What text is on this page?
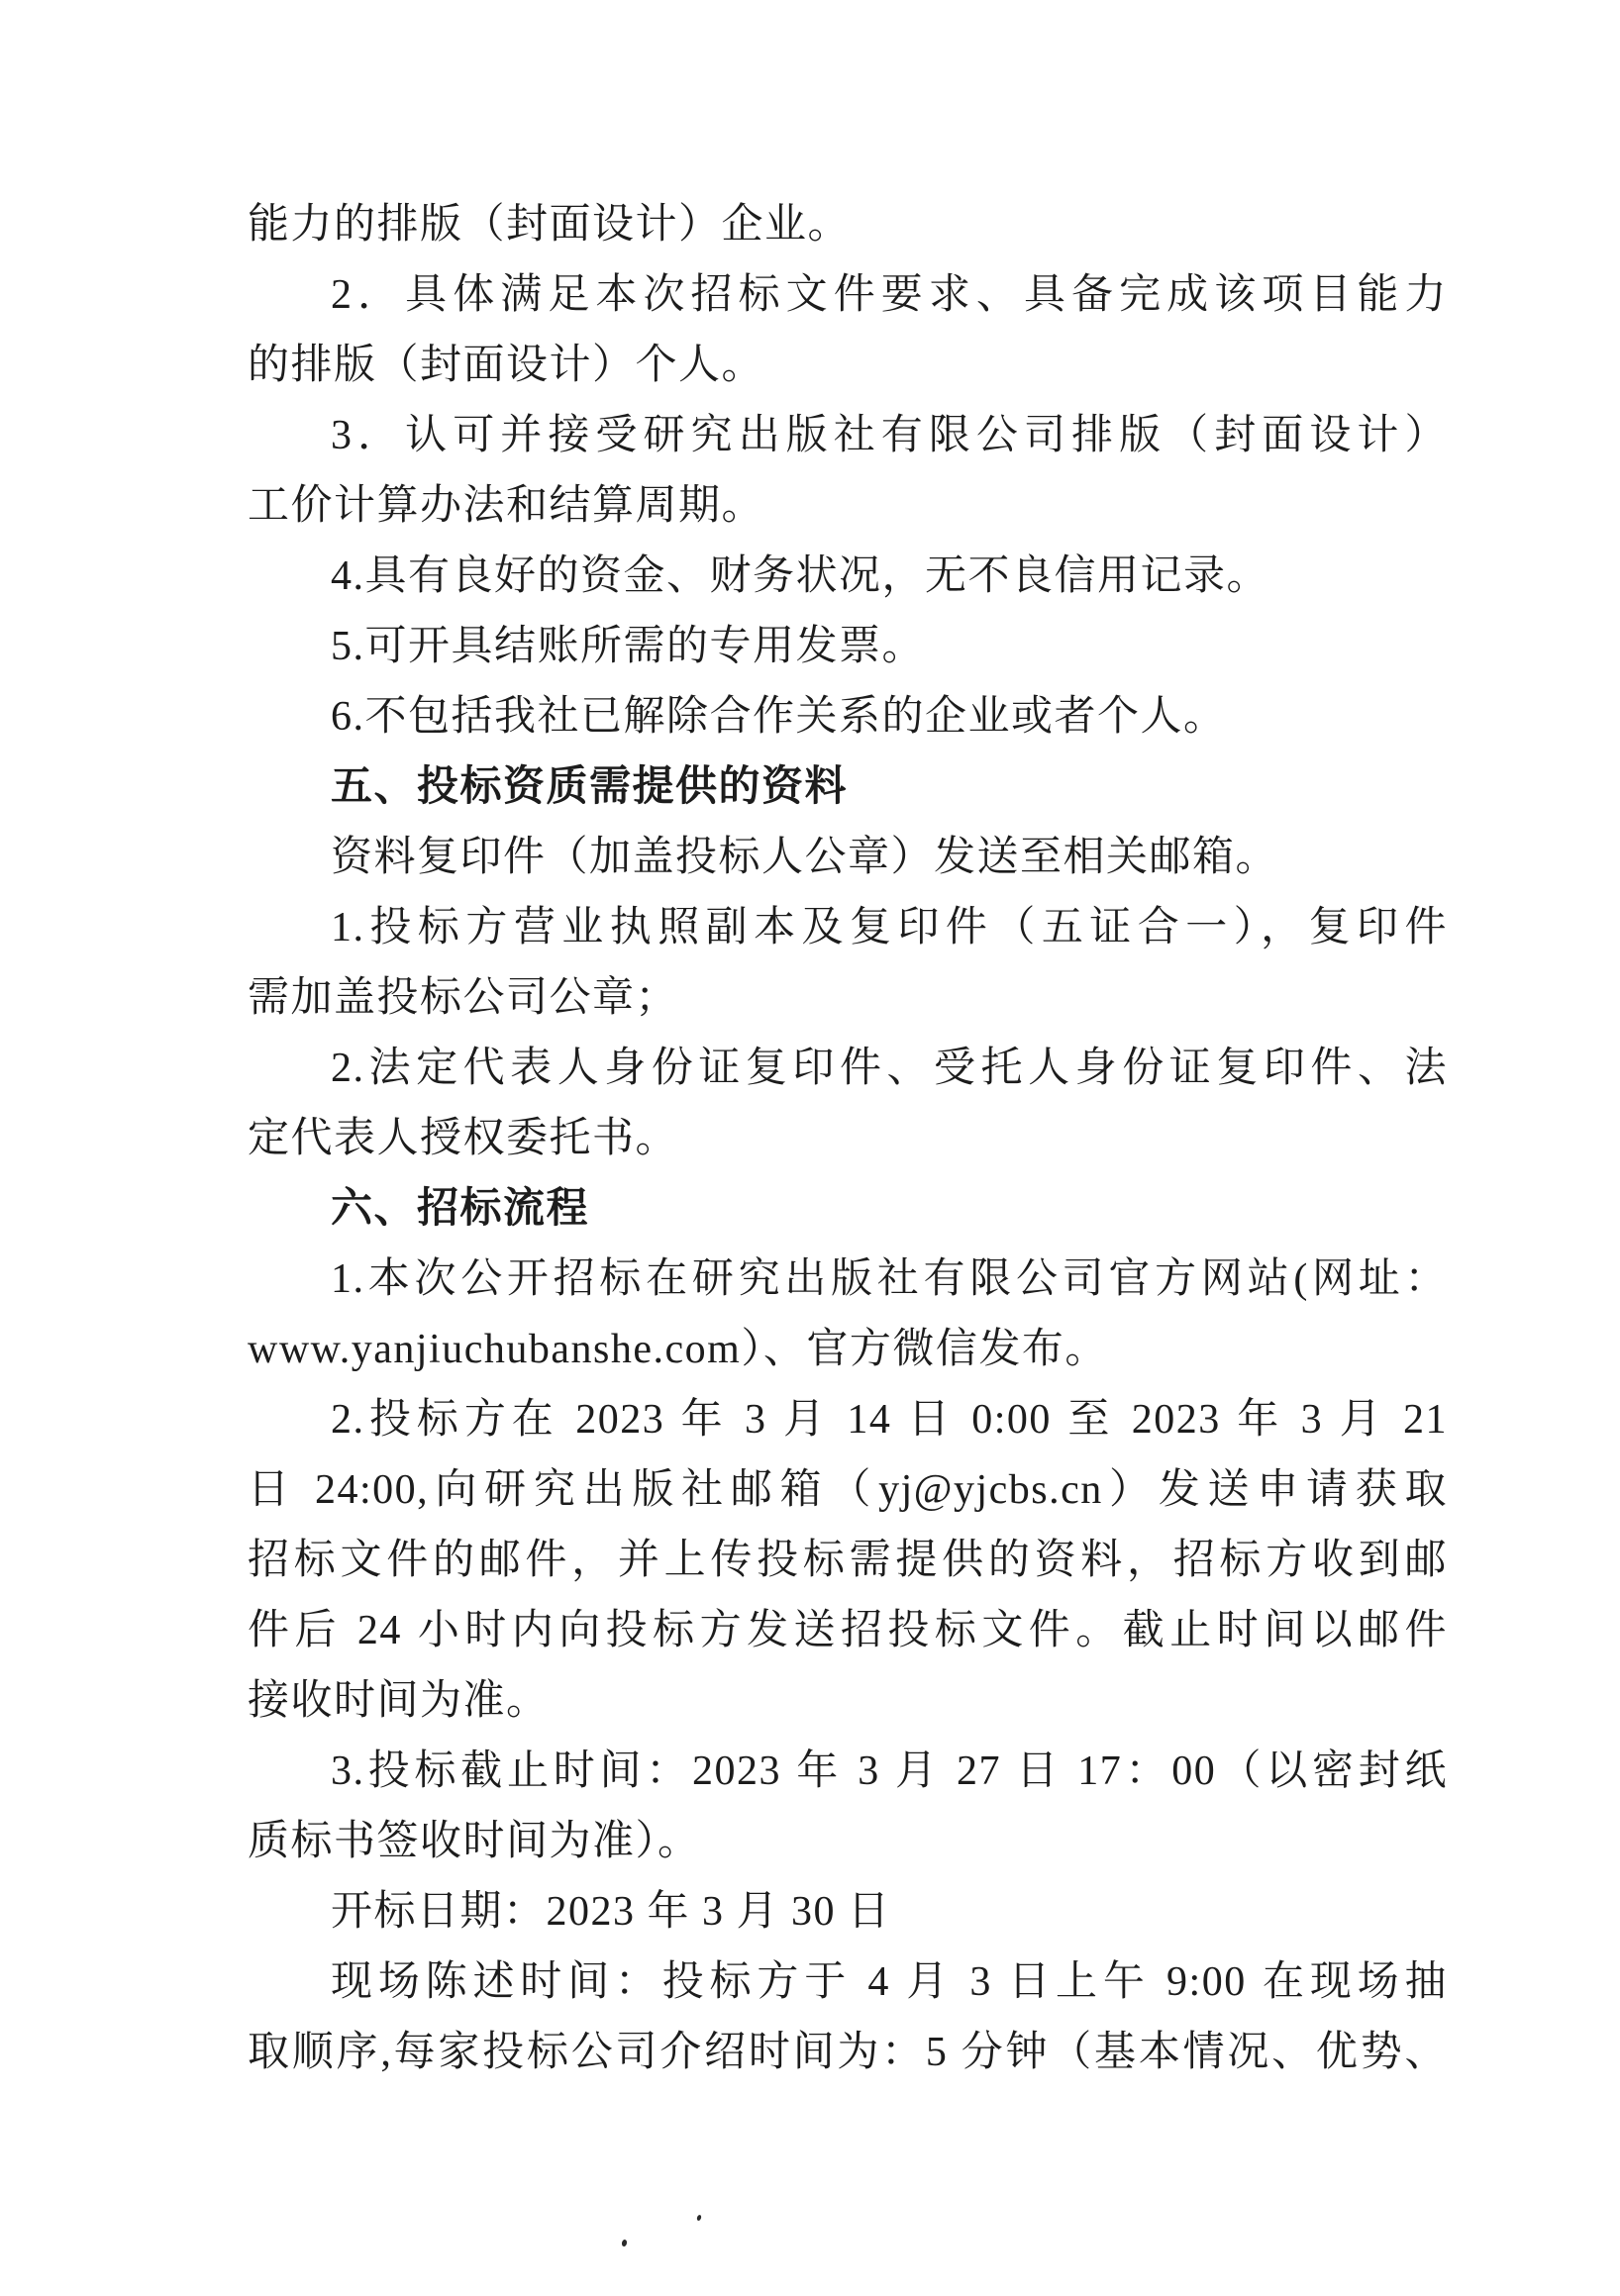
能力的排版（封面设计）企业。
2．具体满足本次招标文件要求、具备完成该项目能力
的排版（封面设计）个人。
3．认可并接受研究出版社有限公司排版（封面设计）
工价计算办法和结算周期。
4.具有良好的资金、财务状况，无不良信用记录。
5.可开具结账所需的专用发票。
6.不包括我社已解除合作关系的企业或者个人。
五、投标资质需提供的资料
资料复印件（加盖投标人公章）发送至相关邮箱。
1.投标方营业执照副本及复印件（五证合一），复印件
需加盖投标公司公章；
2.法定代表人身份证复印件、受托人身份证复印件、法
定代表人授权委托书。
六、招标流程
1.本次公开招标在研究出版社有限公司官方网站(网址：
www.yanjiuchubanshe.com）、官方微信发布。
2.投标方在 2023 年 3 月 14 日 0:00 至 2023 年 3 月 21
日 24:00,向研究出版社邮箱（yj@yjcbs.cn）发送申请获取
招标文件的邮件，并上传投标需提供的资料，招标方收到邮
件后 24 小时内向投标方发送招投标文件。截止时间以邮件
接收时间为准。
3.投标截止时间：2023 年 3 月 27 日 17：00（以密封纸
质标书签收时间为准）。
开标日期：2023 年 3 月 30 日
现场陈述时间：投标方于 4 月 3 日上午 9:00 在现场抽
取顺序,每家投标公司介绍时间为：5 分钟（基本情况、优势、
